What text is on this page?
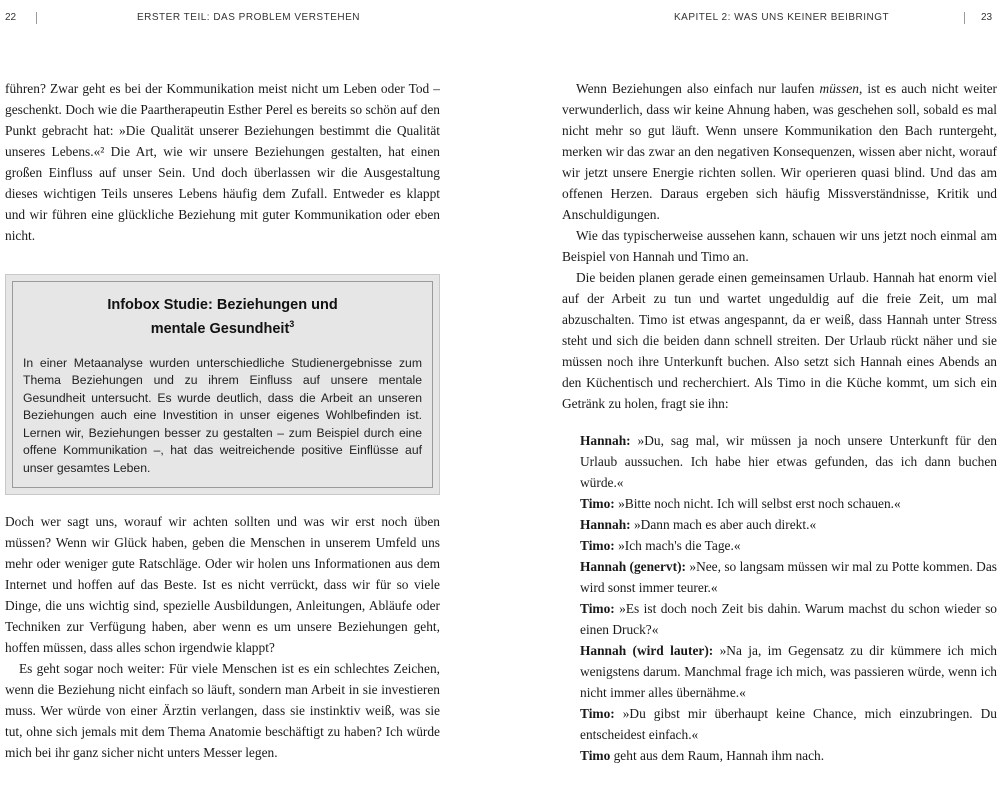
22	ERSTER TEIL: DAS PROBLEM VERSTEHEN	KAPITEL 2: WAS UNS KEINER BEIBRINGT	23

führen? Zwar geht es bei der Kommunikation meist nicht um Leben oder Tod – geschenkt. Doch wie die Paartherapeutin Esther Perel es bereits so schön auf den Punkt gebracht hat: »Die Qualität unserer Beziehungen bestimmt die Qualität unseres Lebens.«² Die Art, wie wir unsere Beziehungen gestalten, hat einen großen Einfluss auf unser Sein. Und doch überlassen wir die Ausgestaltung dieses wichtigen Teils unseres Lebens häufig dem Zufall. Entweder es klappt und wir führen eine glückliche Beziehung mit guter Kommunikation oder eben nicht.

Infobox Studie: Beziehungen und
mentale Gesundheit$^3$
In einer Metaanalyse wurden unterschiedliche Studienergebnisse zum Thema Beziehungen und zu ihrem Einfluss auf unsere mentale Gesundheit untersucht. Es wurde deutlich, dass die Arbeit an unseren Beziehungen auch eine Investition in unser eigenes Wohlbefinden ist. Lernen wir, Beziehungen besser zu gestalten – zum Beispiel durch eine offene Kommunikation –, hat das weitreichende positive Einflüsse auf unser gesamtes Leben.

Doch wer sagt uns, worauf wir achten sollten und was wir erst noch üben müssen? Wenn wir Glück haben, geben die Menschen in unserem Umfeld uns mehr oder weniger gute Ratschläge. Oder wir holen uns Informationen aus dem Internet und hoffen auf das Beste. Ist es nicht verrückt, dass wir für so viele Dinge, die uns wichtig sind, spezielle Ausbildungen, Anleitungen, Abläufe oder Techniken zur Verfügung haben, aber wenn es um unsere Beziehungen geht, hoffen müssen, dass alles schon irgendwie klappt?

Es geht sogar noch weiter: Für viele Menschen ist es ein schlechtes Zeichen, wenn die Beziehung nicht einfach so läuft, sondern man Arbeit in sie investieren muss. Wer würde von einer Ärztin verlangen, dass sie instinktiv weiß, was sie tut, ohne sich jemals mit dem Thema Anatomie beschäftigt zu haben? Ich würde mich bei ihr ganz sicher nicht unters Messer legen.

Wenn Beziehungen also einfach nur laufen müssen, ist es auch nicht weiter verwunderlich, dass wir keine Ahnung haben, was geschehen soll, sobald es mal nicht mehr so gut läuft. Wenn unsere Kommunikation den Bach runtergeht, merken wir das zwar an den negativen Konsequenzen, wissen aber nicht, worauf wir jetzt unsere Energie richten sollen. Wir operieren quasi blind. Und das am offenen Herzen. Daraus ergeben sich häufig Missverständnisse, Kritik und Anschuldigungen.

Wie das typischerweise aussehen kann, schauen wir uns jetzt noch einmal am Beispiel von Hannah und Timo an.

Die beiden planen gerade einen gemeinsamen Urlaub. Hannah hat enorm viel auf der Arbeit zu tun und wartet ungeduldig auf die freie Zeit, um mal abzuschalten. Timo ist etwas angespannt, da er weiß, dass Hannah unter Stress steht und sich die beiden dann schnell streiten. Der Urlaub rückt näher und sie müssen noch ihre Unterkunft buchen. Also setzt sich Hannah eines Abends an den Küchentisch und recherchiert. Als Timo in die Küche kommt, um sich ein Getränk zu holen, fragt sie ihn:

Hannah: »Du, sag mal, wir müssen ja noch unsere Unterkunft für den Urlaub aussuchen. Ich habe hier etwas gefunden, das ich dann buchen würde.«

Timo: »Bitte noch nicht. Ich will selbst erst noch schauen.«

Hannah: »Dann mach es aber auch direkt.«

Timo: »Ich mach's die Tage.«

Hannah (genervt): »Nee, so langsam müssen wir mal zu Potte kommen. Das wird sonst immer teurer.«

Timo: »Es ist doch noch Zeit bis dahin. Warum machst du schon wieder so einen Druck?«

Hannah (wird lauter): »Na ja, im Gegensatz zu dir kümmere ich mich wenigstens darum. Manchmal frage ich mich, was passieren würde, wenn ich nicht immer alles übernähme.«

Timo: »Du gibst mir überhaupt keine Chance, mich einzubringen. Du entscheidest einfach.«

Timo geht aus dem Raum, Hannah ihm nach.
